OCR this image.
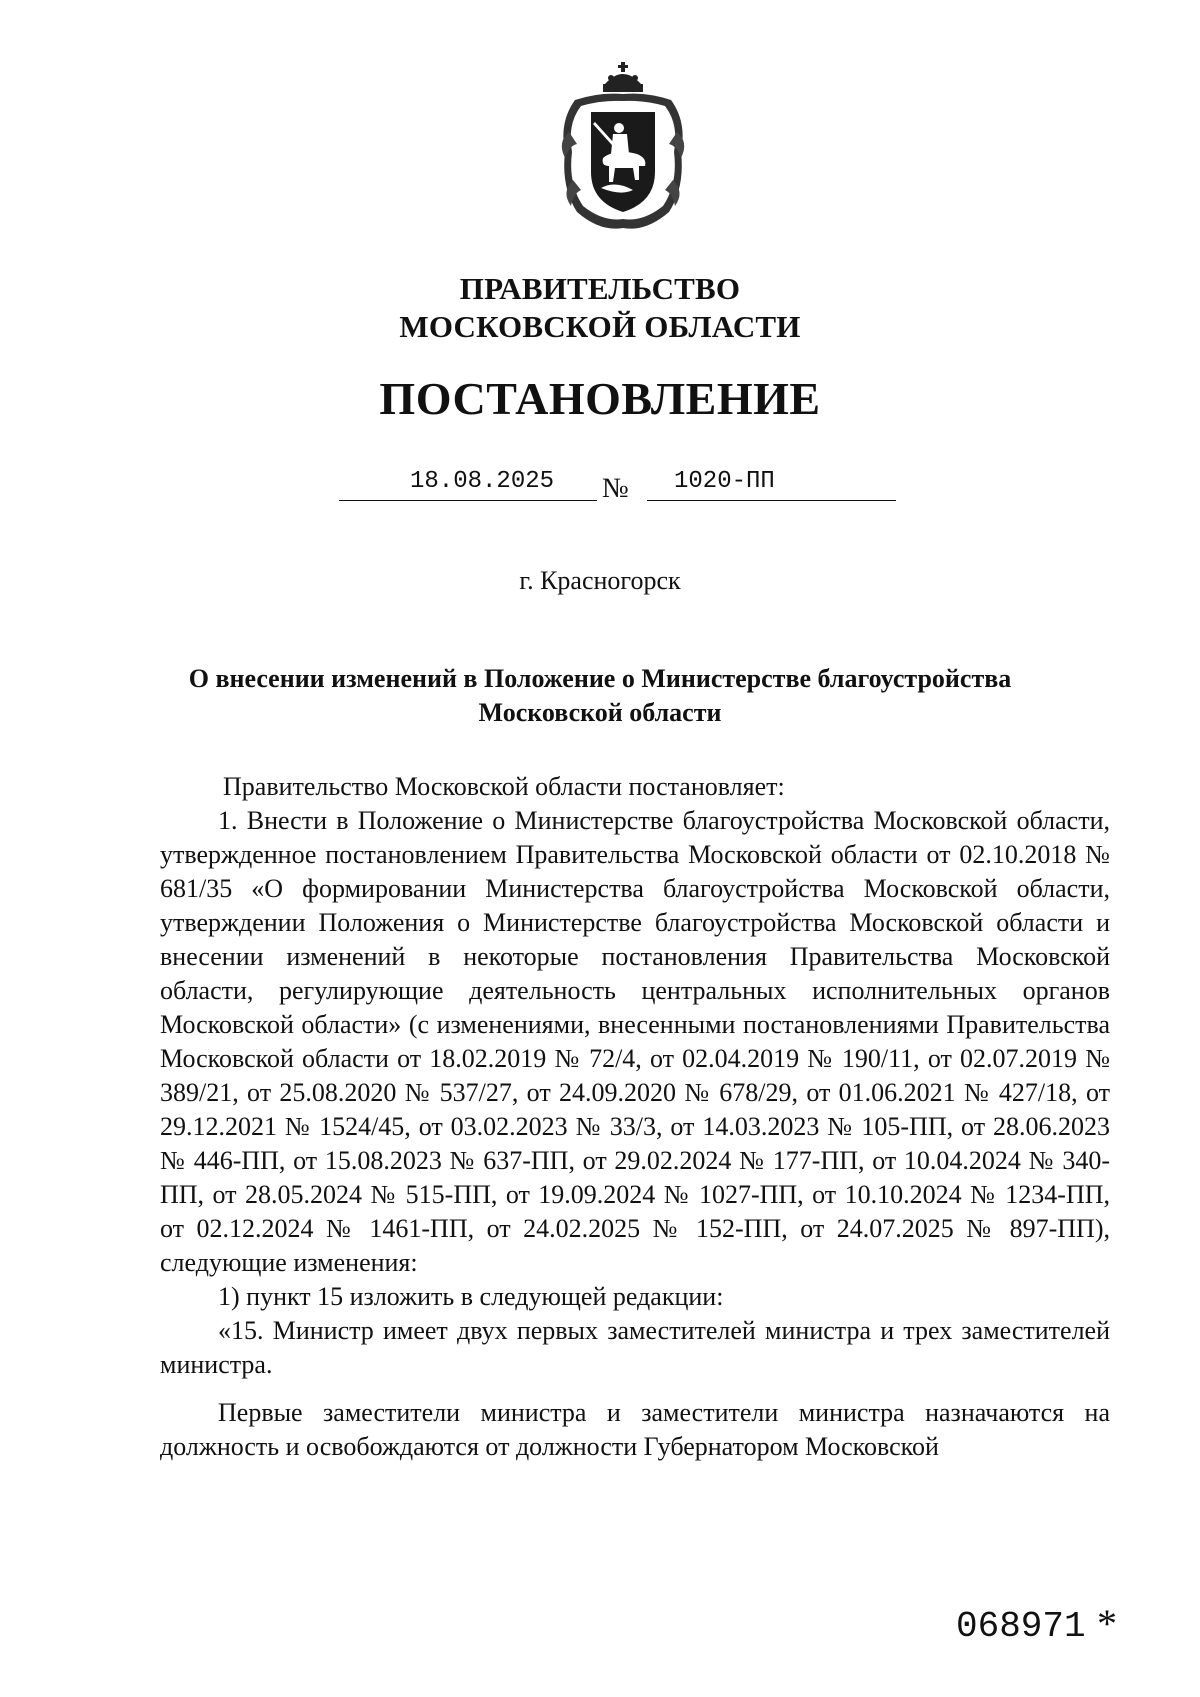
ПРАВИТЕЛЬСТВО
МОСКОВСКОЙ ОБЛАСТИ
ПОСТАНОВЛЕНИЕ
18.08.2025 № 1020-ПП
г. Красногорск
О внесении изменений в Положение о Министерстве благоустройства
Московской области

Правительство Московской области постановляет:

1. Внести в Положение о Министерстве благоустройства Московской области, утвержденное постановлением Правительства Московской области от 02.10.2018 № 681/35 «О формировании Министерства благоустройства Московской области, утверждении Положения о Министерстве благоустройства Московской области и внесении изменений в некоторые постановления Правительства Московской области, регулирующие деятельность центральных исполнительных органов Московской области» (с изменениями, внесенными постановлениями Правительства Московской области от 18.02.2019 № 72/4, от 02.04.2019 № 190/11, от 02.07.2019 № 389/21, от 25.08.2020 № 537/27, от 24.09.2020 № 678/29, от 01.06.2021 № 427/18, от 29.12.2021 № 1524/45, от 03.02.2023 № 33/3, от 14.03.2023 № 105-ПП, от 28.06.2023 № 446-ПП, от 15.08.2023 № 637-ПП, от 29.02.2024 № 177-ПП, от 10.04.2024 № 340-ПП, от 28.05.2024 № 515-ПП, от 19.09.2024 № 1027-ПП, от 10.10.2024 № 1234-ПП, от 02.12.2024 № 1461-ПП, от 24.02.2025 № 152-ПП, от 24.07.2025 № 897-ПП), следующие изменения:

1) пункт 15 изложить в следующей редакции:

«15. Министр имеет двух первых заместителей министра и трех заместителей министра.

Первые заместители министра и заместители министра назначаются на должность и освобождаются от должности Губернатором Московской

068971 *
